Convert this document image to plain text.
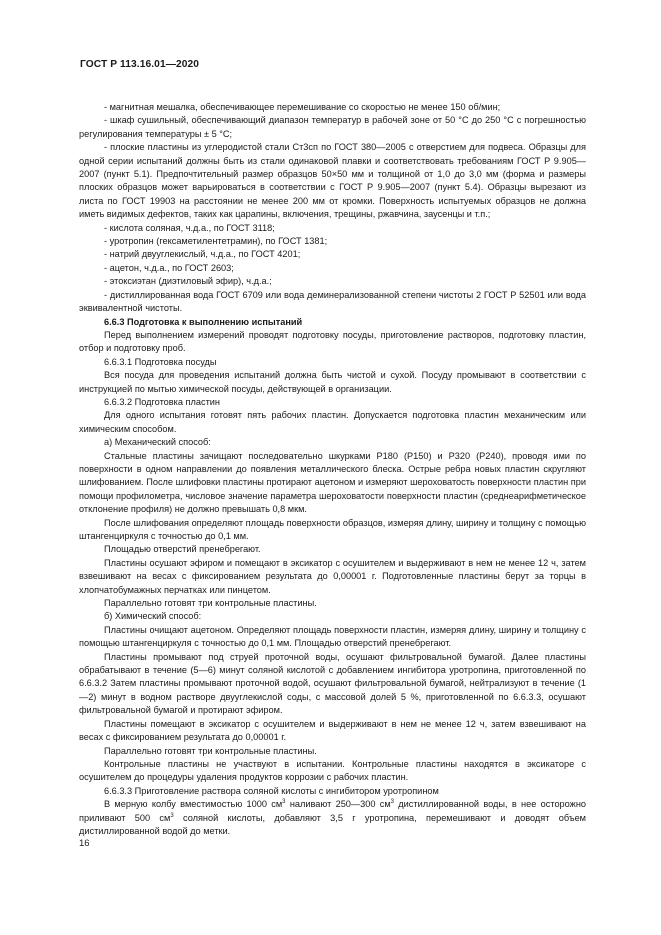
ГОСТ Р 113.16.01—2020

- магнитная мешалка, обеспечивающее перемешивание со скоростью не менее 150 об/мин;

- шкаф сушильный, обеспечивающий диапазон температур в рабочей зоне от 50 °С до 250 °С с погрешностью регулирования температуры ± 5 °С;

- плоские пластины из углеродистой стали Ст3сп по ГОСТ 380—2005 с отверстием для подвеса. Образцы для одной серии испытаний должны быть из стали одинаковой плавки и соответствовать требованиям ГОСТ Р 9.905—2007 (пункт 5.1). Предпочтительный размер образцов 50×50 мм и толщиной от 1,0 до 3,0 мм (форма и размеры плоских образцов может варьироваться в соответствии с ГОСТ Р 9.905—2007 (пункт 5.4). Образцы вырезают из листа по ГОСТ 19903 на расстоянии не менее 200 мм от кромки. Поверхность испытуемых образцов не должна иметь видимых дефектов, таких как царапины, включения, трещины, ржавчина, заусенцы и т.п.;

- кислота соляная, ч.д.а., по ГОСТ 3118;

- уротропин (гексаметилентетрамин), по ГОСТ 1381;

- натрий двууглекислый, ч.д.а., по ГОСТ 4201;

- ацетон, ч.д.а., по ГОСТ 2603;

- этоксиэтан (диэтиловый эфир), ч.д.а.;

- дистиллированная вода ГОСТ 6709 или вода деминерализованной степени чистоты 2 ГОСТ Р 52501 или вода эквивалентной чистоты.

6.6.3 Подготовка к выполнению испытаний

Перед выполнением измерений проводят подготовку посуды, приготовление растворов, подготовку пластин, отбор и подготовку проб.

6.6.3.1 Подготовка посуды

Вся посуда для проведения испытаний должна быть чистой и сухой. Посуду промывают в соответствии с инструкцией по мытью химической посуды, действующей в организации.

6.6.3.2 Подготовка пластин

Для одного испытания готовят пять рабочих пластин. Допускается подготовка пластин механическим или химическим способом.

а) Механический способ:

Стальные пластины зачищают последовательно шкурками Р180 (Р150) и Р320 (Р240), проводя ими по поверхности в одном направлении до появления металлического блеска. Острые ребра новых пластин скругляют шлифованием. После шлифовки пластины протирают ацетоном и измеряют шероховатость поверхности пластин при помощи профилометра, числовое значение параметра шероховатости поверхности пластин (среднеарифметическое отклонение профиля) не должно превышать 0,8 мкм.

После шлифования определяют площадь поверхности образцов, измеряя длину, ширину и толщину с помощью штангенциркуля с точностью до 0,1 мм.

Площадью отверстий пренебрегают.

Пластины осушают эфиром и помещают в эксикатор с осушителем и выдерживают в нем не менее 12 ч, затем взвешивают на весах с фиксированием результата до 0,00001 г. Подготовленные пластины берут за торцы в хлопчатобумажных перчатках или пинцетом.

Параллельно готовят три контрольные пластины.

б) Химический способ:

Пластины очищают ацетоном. Определяют площадь поверхности пластин, измеряя длину, ширину и толщину с помощью штангенциркуля с точностью до 0,1 мм. Площадью отверстий пренебрегают.

Пластины промывают под струей проточной воды, осушают фильтровальной бумагой. Далее пластины обрабатывают в течение (5—6) минут соляной кислотой с добавлением ингибитора уротропина, приготовленной по 6.6.3.2 Затем пластины промывают проточной водой, осушают фильтровальной бумагой, нейтрализуют в течение (1—2) минут в водном растворе двууглекислой соды, с массовой долей 5 %, приготовленной по 6.6.3.3, осушают фильтровальной бумагой и протирают эфиром.

Пластины помещают в эксикатор с осушителем и выдерживают в нем не менее 12 ч, затем взвешивают на весах с фиксированием результата до 0,00001 г.

Параллельно готовят три контрольные пластины.

Контрольные пластины не участвуют в испытании. Контрольные пластины находятся в эксикаторе с осушителем до процедуры удаления продуктов коррозии с рабочих пластин.

6.6.3.3 Приготовление раствора соляной кислоты с ингибитором уротропином

В мерную колбу вместимостью 1000 $см^3$ наливают 250—300 $см^3$ дистиллированной воды, в нее осторожно приливают 500 $см^3$ соляной кислоты, добавляют 3,5 г уротропина, перемешивают и доводят объем дистиллированной водой до метки.

16
